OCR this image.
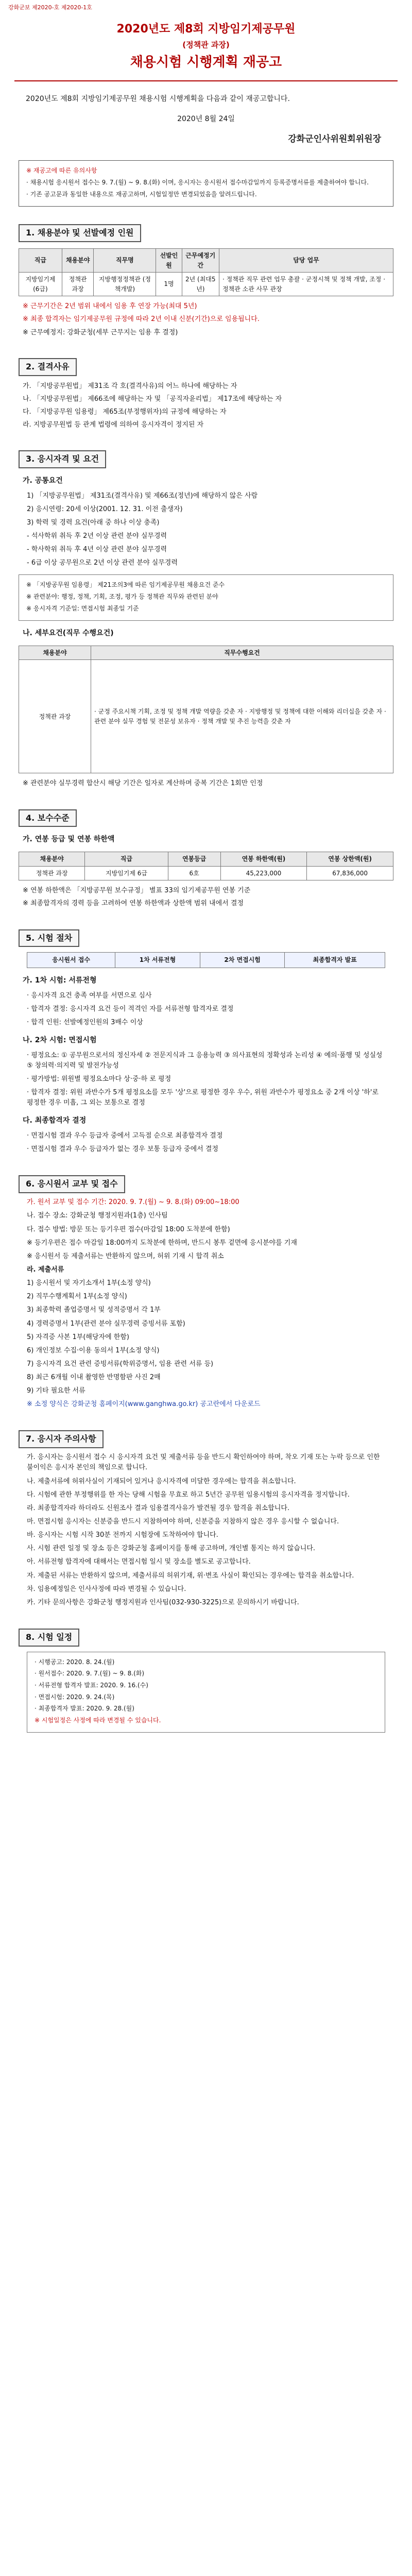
강화군보 제2020-호 제2020-1호
2020년도 제8회 지방임기제공무원
(정책관 과장)
채용시험 시행계획 재공고
2020년도 제8회 지방임기제공무원 채용시험 시행계획을 다음과 같이 재공고합니다.
2020년 8월 24일
강화군인사위원회위원장

※ 재공고에 따른 유의사항

· 채용시험 응시원서 접수는 9. 7.(월) ~ 9. 8.(화) 이며, 응시자는 응시원서 접수마감일까지 등록증명서류를 제출하여야 합니다.

· 기존 공고문과 동일한 내용으로 재공고하며, 시험일정만 변경되었음을 알려드립니다.

1. 채용분야 및 선발예정 인원
직급	채용분야	직무명	선발인원	근무예정기간	담당 업무
지방임기제 (6급)	정책관 과장	지방행정정책관 (정책개발)	1명	2년 (최대5년)	· 정책관 직무 관련 업무 총괄 · 군정시책 및 정책 개발, 조정 · 정책관 소관 사무 관장

※ 근무기간은 2년 범위 내에서 임용 후 연장 가능(최대 5년)

※ 최종 합격자는 임기제공무원 규정에 따라 2년 이내 신분(기간)으로 임용됩니다.

※ 근무예정지: 강화군청(세부 근무지는 임용 후 결정)

2. 결격사유

가. 「지방공무원법」 제31조 각 호(결격사유)의 어느 하나에 해당하는 자

나. 「지방공무원법」 제66조에 해당하는 자 및 「공직자윤리법」 제17조에 해당하는 자

다. 「지방공무원 임용령」 제65조(부정행위자)의 규정에 해당하는 자

라. 지방공무원법 등 관계 법령에 의하여 응시자격이 정지된 자

3. 응시자격 및 요건
가. 공통요건

1) 「지방공무원법」 제31조(결격사유) 및 제66조(정년)에 해당하지 않은 사람

2) 응시연령: 20세 이상(2001. 12. 31. 이전 출생자)

3) 학력 및 경력 요건(아래 중 하나 이상 충족)

- 석사학위 취득 후 2년 이상 관련 분야 실무경력

- 학사학위 취득 후 4년 이상 관련 분야 실무경력

- 6급 이상 공무원으로 2년 이상 관련 분야 실무경력

※ 「지방공무원 임용령」 제21조의3에 따른 임기제공무원 채용요건 준수

※ 관련분야: 행정, 정책, 기획, 조정, 평가 등 정책관 직무와 관련된 분야

※ 응시자격 기준일: 면접시험 최종일 기준

나. 세부요건(직무 수행요건)
채용분야	직무수행요건
정책관 과장	· 군정 주요시책 기획, 조정 및 정책 개발 역량을 갖춘 자 · 지방행정 및 정책에 대한 이해와 리더십을 갖춘 자 · 관련 분야 실무 경험 및 전문성 보유자 · 정책 개발 및 추진 능력을 갖춘 자

※ 관련분야 실무경력 합산시 해당 기간은 일자로 계산하며 중복 기간은 1회만 인정

4. 보수수준
가. 연봉 등급 및 연봉 하한액
채용분야	직급	연봉등급	연봉 하한액(원)	연봉 상한액(원)
정책관 과장	지방임기제 6급	6호	45,223,000	67,836,000

※ 연봉 하한액은 「지방공무원 보수규정」 별표 33의 임기제공무원 연봉 기준

※ 최종합격자의 경력 등을 고려하여 연봉 하한액과 상한액 범위 내에서 결정

5. 시험 절차
응시원서 접수	1차 서류전형	2차 면접시험	최종합격자 발표
가. 1차 시험: 서류전형

· 응시자격 요건 충족 여부를 서면으로 심사

· 합격자 결정: 응시자격 요건 등이 적격인 자를 서류전형 합격자로 결정

· 합격 인원: 선발예정인원의 3배수 이상

나. 2차 시험: 면접시험

· 평정요소: ① 공무원으로서의 정신자세 ② 전문지식과 그 응용능력 ③ 의사표현의 정확성과 논리성 ④ 예의·품행 및 성실성 ⑤ 창의력·의지력 및 발전가능성

· 평가방법: 위원별 평정요소마다 상·중·하 로 평정

· 합격자 결정: 위원 과반수가 5개 평정요소를 모두 '상'으로 평정한 경우 우수, 위원 과반수가 평정요소 중 2개 이상 '하'로 평정한 경우 미흡, 그 외는 보통으로 결정

다. 최종합격자 결정

· 면접시험 결과 우수 등급자 중에서 고득점 순으로 최종합격자 결정

· 면접시험 결과 우수 등급자가 없는 경우 보통 등급자 중에서 결정

6. 응시원서 교부 및 접수

가. 원서 교부 및 접수 기간: 2020. 9. 7.(월) ~ 9. 8.(화) 09:00~18:00

나. 접수 장소: 강화군청 행정지원과(1층) 인사팀

다. 접수 방법: 방문 또는 등기우편 접수(마감일 18:00 도착분에 한함)

※ 등기우편은 접수 마감일 18:00까지 도착분에 한하며, 반드시 봉투 겉면에 응시분야를 기재

※ 응시원서 등 제출서류는 반환하지 않으며, 허위 기재 시 합격 취소

라. 제출서류

1) 응시원서 및 자기소개서 1부(소정 양식)

2) 직무수행계획서 1부(소정 양식)

3) 최종학력 졸업증명서 및 성적증명서 각 1부

4) 경력증명서 1부(관련 분야 실무경력 증빙서류 포함)

5) 자격증 사본 1부(해당자에 한함)

6) 개인정보 수집·이용 동의서 1부(소정 양식)

7) 응시자격 요건 관련 증빙서류(학위증명서, 임용 관련 서류 등)

8) 최근 6개월 이내 촬영한 반명함판 사진 2매

9) 기타 필요한 서류

※ 소정 양식은 강화군청 홈페이지(www.ganghwa.go.kr) 공고란에서 다운로드

7. 응시자 주의사항

가. 응시자는 응시원서 접수 시 응시자격 요건 및 제출서류 등을 반드시 확인하여야 하며, 착오 기재 또는 누락 등으로 인한 불이익은 응시자 본인의 책임으로 합니다.

나. 제출서류에 허위사실이 기재되어 있거나 응시자격에 미달한 경우에는 합격을 취소합니다.

다. 시험에 관한 부정행위를 한 자는 당해 시험을 무효로 하고 5년간 공무원 임용시험의 응시자격을 정지합니다.

라. 최종합격자라 하더라도 신원조사 결과 임용결격사유가 발견될 경우 합격을 취소합니다.

마. 면접시험 응시자는 신분증을 반드시 지참하여야 하며, 신분증을 지참하지 않은 경우 응시할 수 없습니다.

바. 응시자는 시험 시작 30분 전까지 시험장에 도착하여야 합니다.

사. 시험 관련 일정 및 장소 등은 강화군청 홈페이지를 통해 공고하며, 개인별 통지는 하지 않습니다.

아. 서류전형 합격자에 대해서는 면접시험 일시 및 장소를 별도로 공고합니다.

자. 제출된 서류는 반환하지 않으며, 제출서류의 허위기재, 위·변조 사실이 확인되는 경우에는 합격을 취소합니다.

차. 임용예정일은 인사사정에 따라 변경될 수 있습니다.

카. 기타 문의사항은 강화군청 행정지원과 인사팀(032-930-3225)으로 문의하시기 바랍니다.

8. 시험 일정

· 시행공고: 2020. 8. 24.(월)

· 원서접수: 2020. 9. 7.(월) ~ 9. 8.(화)

· 서류전형 합격자 발표: 2020. 9. 16.(수)

· 면접시험: 2020. 9. 24.(목)

· 최종합격자 발표: 2020. 9. 28.(월)

※ 시험일정은 사정에 따라 변경될 수 있습니다.
